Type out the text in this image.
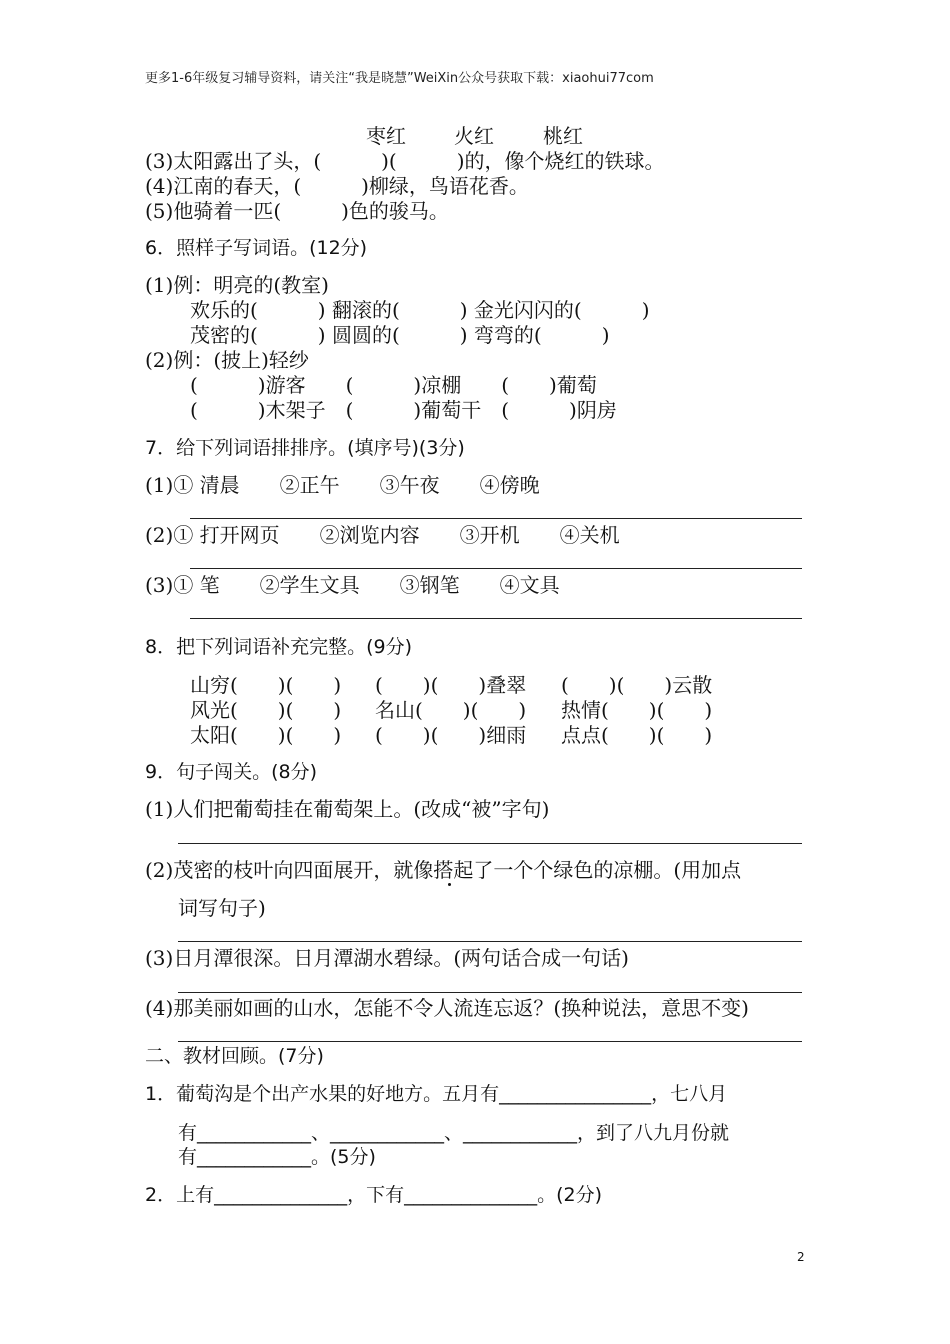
更多1-6年级复习辅导资料，请关注“我是晓慧”WeiXin公众号获取下载：xiaohui77com
枣红 火红 桃红
(3)太阳露出了头，(　　　)(　　　)的，像个烧红的铁球。
(4)江南的春天，(　　　)柳绿，鸟语花香。
(5)他骑着一匹(　　　)色的骏马。
6．照样子写词语。(12分)
(1)例：明亮的(教室)
欢乐的(　　　) 翻滚的(　　　) 金光闪闪的(　　　)
茂密的(　　　) 圆圆的(　　　) 弯弯的(　　　)
(2)例：(披上)轻纱
(　　　)游客　　(　　　)凉棚　　(　　)葡萄
(　　　)木架子　(　　　)葡萄干　(　　　)阴房
7．给下列词语排排序。(填序号)(3分)
(1)① 清晨　　②正午　　③午夜　　④傍晚
(2)① 打开网页　　②浏览内容　　③开机　　④关机
(3)① 笔　　②学生文具　　③钢笔　　④文具
8．把下列词语补充完整。(9分)
山穷(　　)(　　) (　　)(　　)叠翠 (　　)(　　)云散
风光(　　)(　　) 名山(　　)(　　) 热情(　　)(　　)
太阳(　　)(　　) (　　)(　　)细雨 点点(　　)(　　)
9．句子闯关。(8分)
(1)人们把葡萄挂在葡萄架上。(改成“被”字句)
(2)茂密的枝叶向四面展开，就像搭起了一个个绿色的凉棚。(用加点
词写句子)
(3)日月潭很深。日月潭湖水碧绿。(两句话合成一句话)
(4)那美丽如画的山水，怎能不令人流连忘返？(换种说法，意思不变)
二、教材回顾。(7分)
1．葡萄沟是个出产水果的好地方。五月有________________，七八月
有____________、____________、____________，到了八九月份就
有____________。(5分)
2．上有______________，下有______________。(2分)
2
